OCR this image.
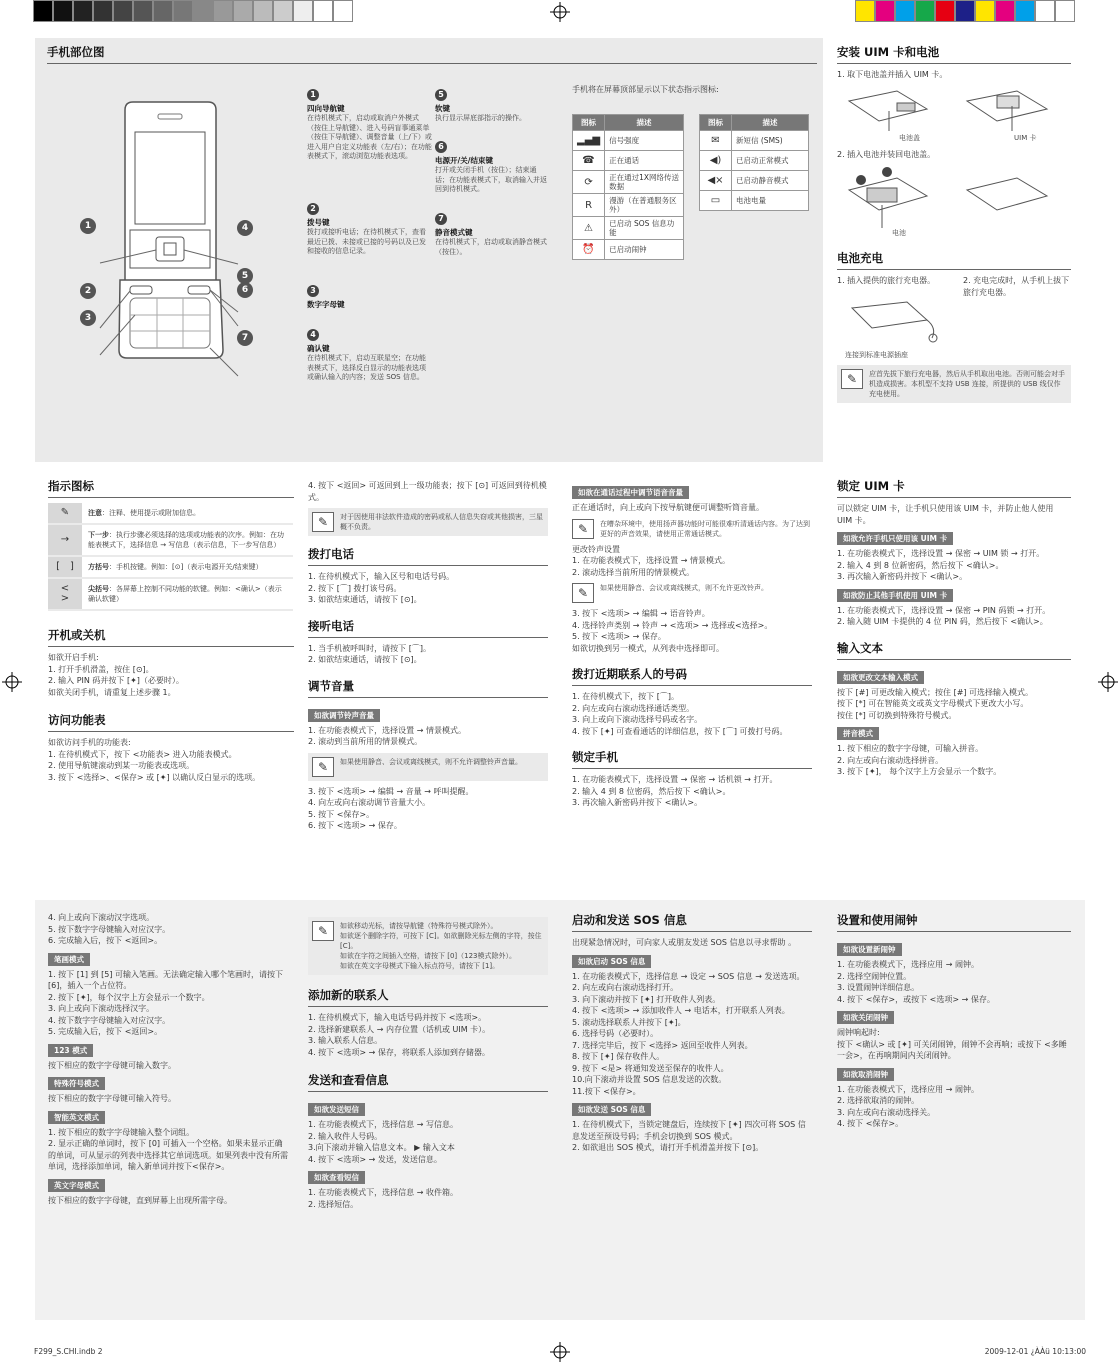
手机部位图
1
2
3
4
5
6
7
1
四向导航键
在待机模式下，启动或取消户外模式（按住上导航键）、进入号码盲事通菜单（按住下导航键）、调整音量（上/下）或进入用户自定义功能表（左/右）；在功能表模式下，滚动浏览功能表选项。
2
拨号键
拨打或接听电话；在待机模式下，查看最近已拨、未接或已接的号码以及已发和接收的信息记录。
3
数字字母键
4
确认键
在待机模式下，启动互联星空；在功能表模式下，选择反白显示的功能表选项或确认输入的内容；发送 SOS 信息。
5
软键
执行显示屏底部指示的操作。
6
电源开/关/结束键
打开或关闭手机（按住）；结束通话；在功能表模式下，取消输入并返回到待机模式。
7
静音模式键
在待机模式下，启动或取消静音模式（按住）。
手机将在屏幕顶部显示以下状态指示图标:
图标	描述
▂▄▆	信号强度
☎	正在通话
⟳	正在通过1X网络传送数据
R	漫游（在普通服务区外）
⚠	已启动 SOS 信息功能
⏰	已启动闹钟
图标	描述
✉	新短信 (SMS)
◀)	已启动正常模式
◀×	已启动静音模式
▭	电池电量
安装 UIM 卡和电池
1. 取下电池盖并插入 UIM 卡。
电池盖	UIM 卡
2. 插入电池并装回电池盖。
电池
电池充电
1. 插入提供的旅行充电器。	2. 充电完成时，从手机上拔下旅行充电器。
连接到标准电源插座
✎	应首先拔下旅行充电器，然后从手机取出电池。否则可能会对手机造成损害。本机型不支持 USB 连接，所提供的 USB 线仅作充电使用。
指示图标
✎	注意：注释、使用提示或附加信息。
→	下一步：执行步骤必须选择的选项或功能表的次序。例如：在功能表模式下，选择信息 → 写信息（表示信息，下一步写信息）
[　]	方括号：手机按键。例如：[⊙]（表示电源开关/结束键）
<　>	尖括号：各屏幕上控制不同功能的软键。例如：<确认>（表示确认软键）
开机或关机
如欲开启手机:
1. 打开手机滑盖，按住 [⊙]。
2. 输入 PIN 码并按下 [✦]（必要时）。
如欲关闭手机，请重复上述步骤 1。
访问功能表
如欲访问手机的功能表:
1. 在待机模式下，按下 <功能表> 进入功能表模式。
2. 使用导航键滚动到某一功能表或选项。
3. 按下 <选择>、<保存> 或 [✦] 以确认反白显示的选项。
4. 按下 <返回> 可返回到上一级功能表；按下 [⊙] 可返回到待机模式。
✎	对于因使用非法软件造成的密码或私人信息失窃或其他损害，三星概不负责。
拨打电话
1. 在待机模式下，输入区号和电话号码。
2. 按下 [⌒] 拨打该号码。
3. 如欲结束通话，请按下 [⊙]。
接听电话
1. 当手机被呼叫时，请按下 [⌒]。
2. 如欲结束通话，请按下 [⊙]。
调节音量
如欲调节铃声音量
1. 在功能表模式下，选择设置 → 情景模式。
2. 滚动到当前所用的情景模式。
✎	如果使用静音、会议或离线模式，则不允许调整铃声音量。
3. 按下 <选项> → 编辑 → 音量 → 呼叫提醒。
4. 向左或向右滚动调节音量大小。
5. 按下 <保存>。
6. 按下 <选项> → 保存。
如欲在通话过程中调节语音音量
正在通话时，向上或向下按导航键便可调整听筒音量。
✎	在嘈杂环境中，使用扬声器功能时可能很难听清通话内容。为了达到更好的声音效果，请使用正常通话模式。
更改铃声设置
1. 在功能表模式下，选择设置 → 情景模式。
2. 滚动选择当前所用的情景模式。
✎	如果使用静音、会议或离线模式，则不允许更改铃声。
3. 按下 <选项> → 编辑 → 语音铃声。
4. 选择铃声类别 → 铃声 → <选项> → 选择或<选择>。
5. 按下 <选项> → 保存。
如欲切换到另一模式，从列表中选择即可。
拨打近期联系人的号码
1. 在待机模式下，按下 [⌒]。
2. 向左或向右滚动选择通话类型。
3. 向上或向下滚动选择号码或名字。
4. 按下 [✦] 可查看通话的详细信息，按下 [⌒] 可拨打号码。
锁定手机
1. 在功能表模式下，选择设置 → 保密 → 话机锁 → 打开。
2. 输入 4 到 8 位密码，然后按下 <确认>。
3. 再次输入新密码并按下 <确认>。
锁定 UIM 卡
可以锁定 UIM 卡，让手机只使用该 UIM 卡，并防止他人使用 UIM 卡。
如欲允许手机只使用该 UIM 卡
1. 在功能表模式下，选择设置 → 保密 → UIM 锁 → 打开。
2. 输入 4 到 8 位新密码，然后按下 <确认>。
3. 再次输入新密码并按下 <确认>。
如欲防止其他手机使用 UIM 卡
1. 在功能表模式下，选择设置 → 保密 → PIN 码锁 → 打开。
2. 输入随 UIM 卡提供的 4 位 PIN 码，然后按下 <确认>。
输入文本
如欲更改文本输入模式
按下 [#] 可更改输入模式；按住 [#] 可选择输入模式。
按下 [*] 可在智能英文或英文字母模式下更改大小写。
按住 [*] 可切换到特殊符号模式。
拼音模式
1. 按下相应的数字字母键，可输入拼音。
2. 向左或向右滚动选择拼音。
3. 按下 [✦]， 每个汉字上方会显示一个数字。
4. 向上或向下滚动汉字选项。
5. 按下数字字母键输入对应汉字。
6. 完成输入后，按下 <返回>。
笔画模式
1. 按下 [1] 到 [5] 可输入笔画。无法确定输入哪个笔画时，请按下 [6]，插入一个占位符。
2. 按下 [✦]，每个汉字上方会显示一个数字。
3. 向上或向下滚动选择汉字。
4. 按下数字字母键输入对应汉字。
5. 完成输入后，按下 <返回>。
123 模式
按下相应的数字字母键可输入数字。
特殊符号模式
按下相应的数字字母键可输入符号。
智能英文模式
1. 按下相应的数字字母键输入整个词组。
2. 显示正确的单词时，按下 [0] 可插入一个空格。如果未显示正确的单词，可从显示的列表中选择其它单词选项。如果列表中没有所需单词，选择添加单词，输入新单词并按下<保存>。
英文字母模式
按下相应的数字字母键，直到屏幕上出现所需字母。
✎	如欲移动光标，请按导航键（特殊符号模式除外）。
如欲逐个删除字符，可按下 [C]。如欲删除光标左侧的字符，按住 [C]。
如欲在字符之间插入空格，请按下 [0]（123模式除外）。
如欲在英文字母模式下输入标点符号，请按下 [1]。
添加新的联系人
1. 在待机模式下，输入电话号码并按下 <选项>。
2. 选择新建联系人 → 内存位置（话机或 UIM 卡）。
3. 输入联系人信息。
4. 按下 <选项> → 保存，将联系人添加到存储器。
发送和查看信息
如欲发送短信
1. 在功能表模式下，选择信息 → 写信息。
2. 输入收件人号码。
3.向下滚动并输入信息文本。 ▶ 输入文本
4. 按下 <选项> → 发送，发送信息。
如欲查看短信
1. 在功能表模式下，选择信息 → 收件箱。
2. 选择短信。
启动和发送 SOS 信息
出现紧急情况时，可向家人或朋友发送 SOS 信息以寻求帮助 。
如欲启动 SOS 信息
1. 在功能表模式下，选择信息 → 设定 → SOS 信息 → 发送选项。
2. 向左或向右滚动选择打开。
3. 向下滚动并按下 [✦] 打开收件人列表。
4. 按下 <选项> → 添加收件人 → 电话本，打开联系人列表。
5. 滚动选择联系人并按下 [✦]。
6. 选择号码（必要时）。
7. 选择完毕后，按下 <选择> 返回至收件人列表。
8. 按下 [✦] 保存收件人。
9. 按下 <是> 将通知发送至保存的收件人。
10.向下滚动并设置 SOS 信息发送的次数。
11.按下 <保存>。
如欲发送 SOS 信息
1. 在待机模式下，当锁定键盘后，连续按下 [✦] 四次可将 SOS 信息发送至预设号码；手机会切换到 SOS 模式。
2. 如欲退出 SOS 模式，请打开手机滑盖并按下 [⊙]。
设置和使用闹钟
如欲设置新闹钟
1. 在功能表模式下，选择应用 → 闹钟。
2. 选择空闹钟位置。
3. 设置闹钟详细信息。
4. 按下 <保存>，或按下 <选项> → 保存。
如欲关闭闹钟
闹钟响起时:
按下 <确认> 或 [✦] 可关闭闹钟，闹钟不会再响；或按下 <多睡一会>，在再响期间内关闭闹钟。
如欲取消闹钟
1. 在功能表模式下，选择应用 → 闹钟。
2. 选择欲取消的闹钟。
3. 向左或向右滚动选择关。
4. 按下 <保存>。
F299_S.CHI.indb 2	2009-12-01 ¿ÀÀü 10:13:00
